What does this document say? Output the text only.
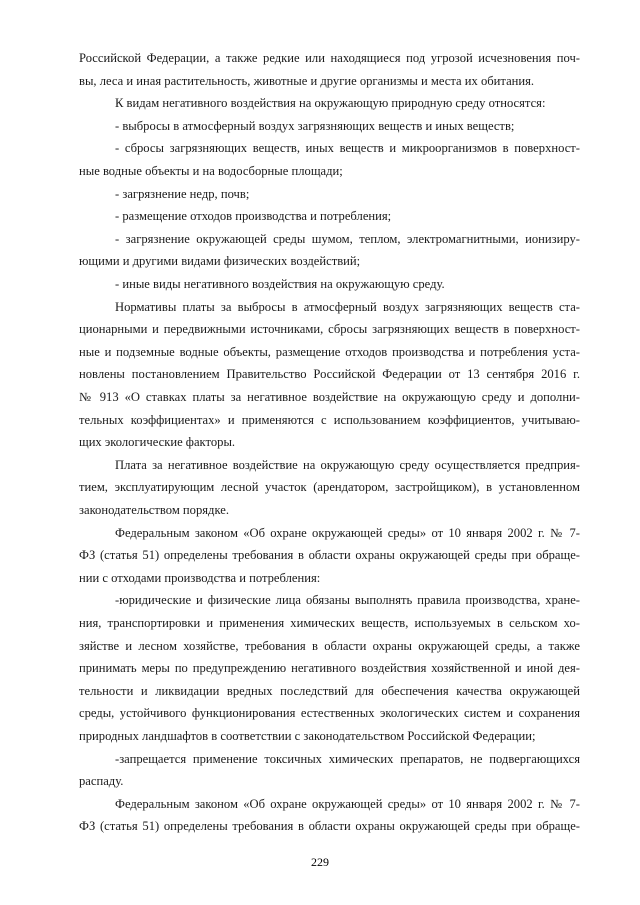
Российской Федерации, а также редкие или находящиеся под угрозой исчезновения поч-
вы, леса и иная растительность, животные и другие организмы и места их обитания.
К видам негативного воздействия на окружающую природную среду относятся:
- выбросы в атмосферный воздух загрязняющих веществ и иных веществ;
- сбросы загрязняющих веществ, иных веществ и микроорганизмов в поверхност-
ные водные объекты и на водосборные площади;
- загрязнение недр, почв;
- размещение отходов производства и потребления;
- загрязнение окружающей среды шумом, теплом, электромагнитными, ионизиру-
ющими и другими видами физических воздействий;
- иные виды негативного воздействия на окружающую среду.
Нормативы платы за выбросы в атмосферный воздух загрязняющих веществ ста-
ционарными и передвижными источниками, сбросы загрязняющих веществ в поверхност-
ные и подземные водные объекты, размещение отходов производства и потребления уста-
новлены постановлением Правительство Российской Федерации от 13 сентября 2016 г.
№ 913 «О ставках платы за негативное воздействие на окружающую среду и дополни-
тельных коэффициентах» и применяются с использованием коэффициентов, учитываю-
щих экологические факторы.
Плата за негативное воздействие на окружающую среду осуществляется предприя-
тием, эксплуатирующим лесной участок (арендатором, застройщиком), в установленном
законодательством порядке.
Федеральным законом «Об охране окружающей среды» от 10 января 2002 г. № 7-
ФЗ (статья 51) определены требования в области охраны окружающей среды при обраще-
нии с отходами производства и потребления:
-юридические и физические лица обязаны выполнять правила производства, хране-
ния, транспортировки и применения химических веществ, используемых в сельском хо-
зяйстве и лесном хозяйстве, требования в области охраны окружающей среды, а также
принимать меры по предупреждению негативного воздействия хозяйственной и иной дея-
тельности и ликвидации вредных последствий для обеспечения качества окружающей
среды, устойчивого функционирования естественных экологических систем и сохранения
природных ландшафтов в соответствии с законодательством Российской Федерации;
-запрещается применение токсичных химических препаратов, не подвергающихся
распаду.
Федеральным законом «Об охране окружающей среды» от 10 января 2002 г. № 7-
ФЗ (статья 51) определены требования в области охраны окружающей среды при обраще-
229
